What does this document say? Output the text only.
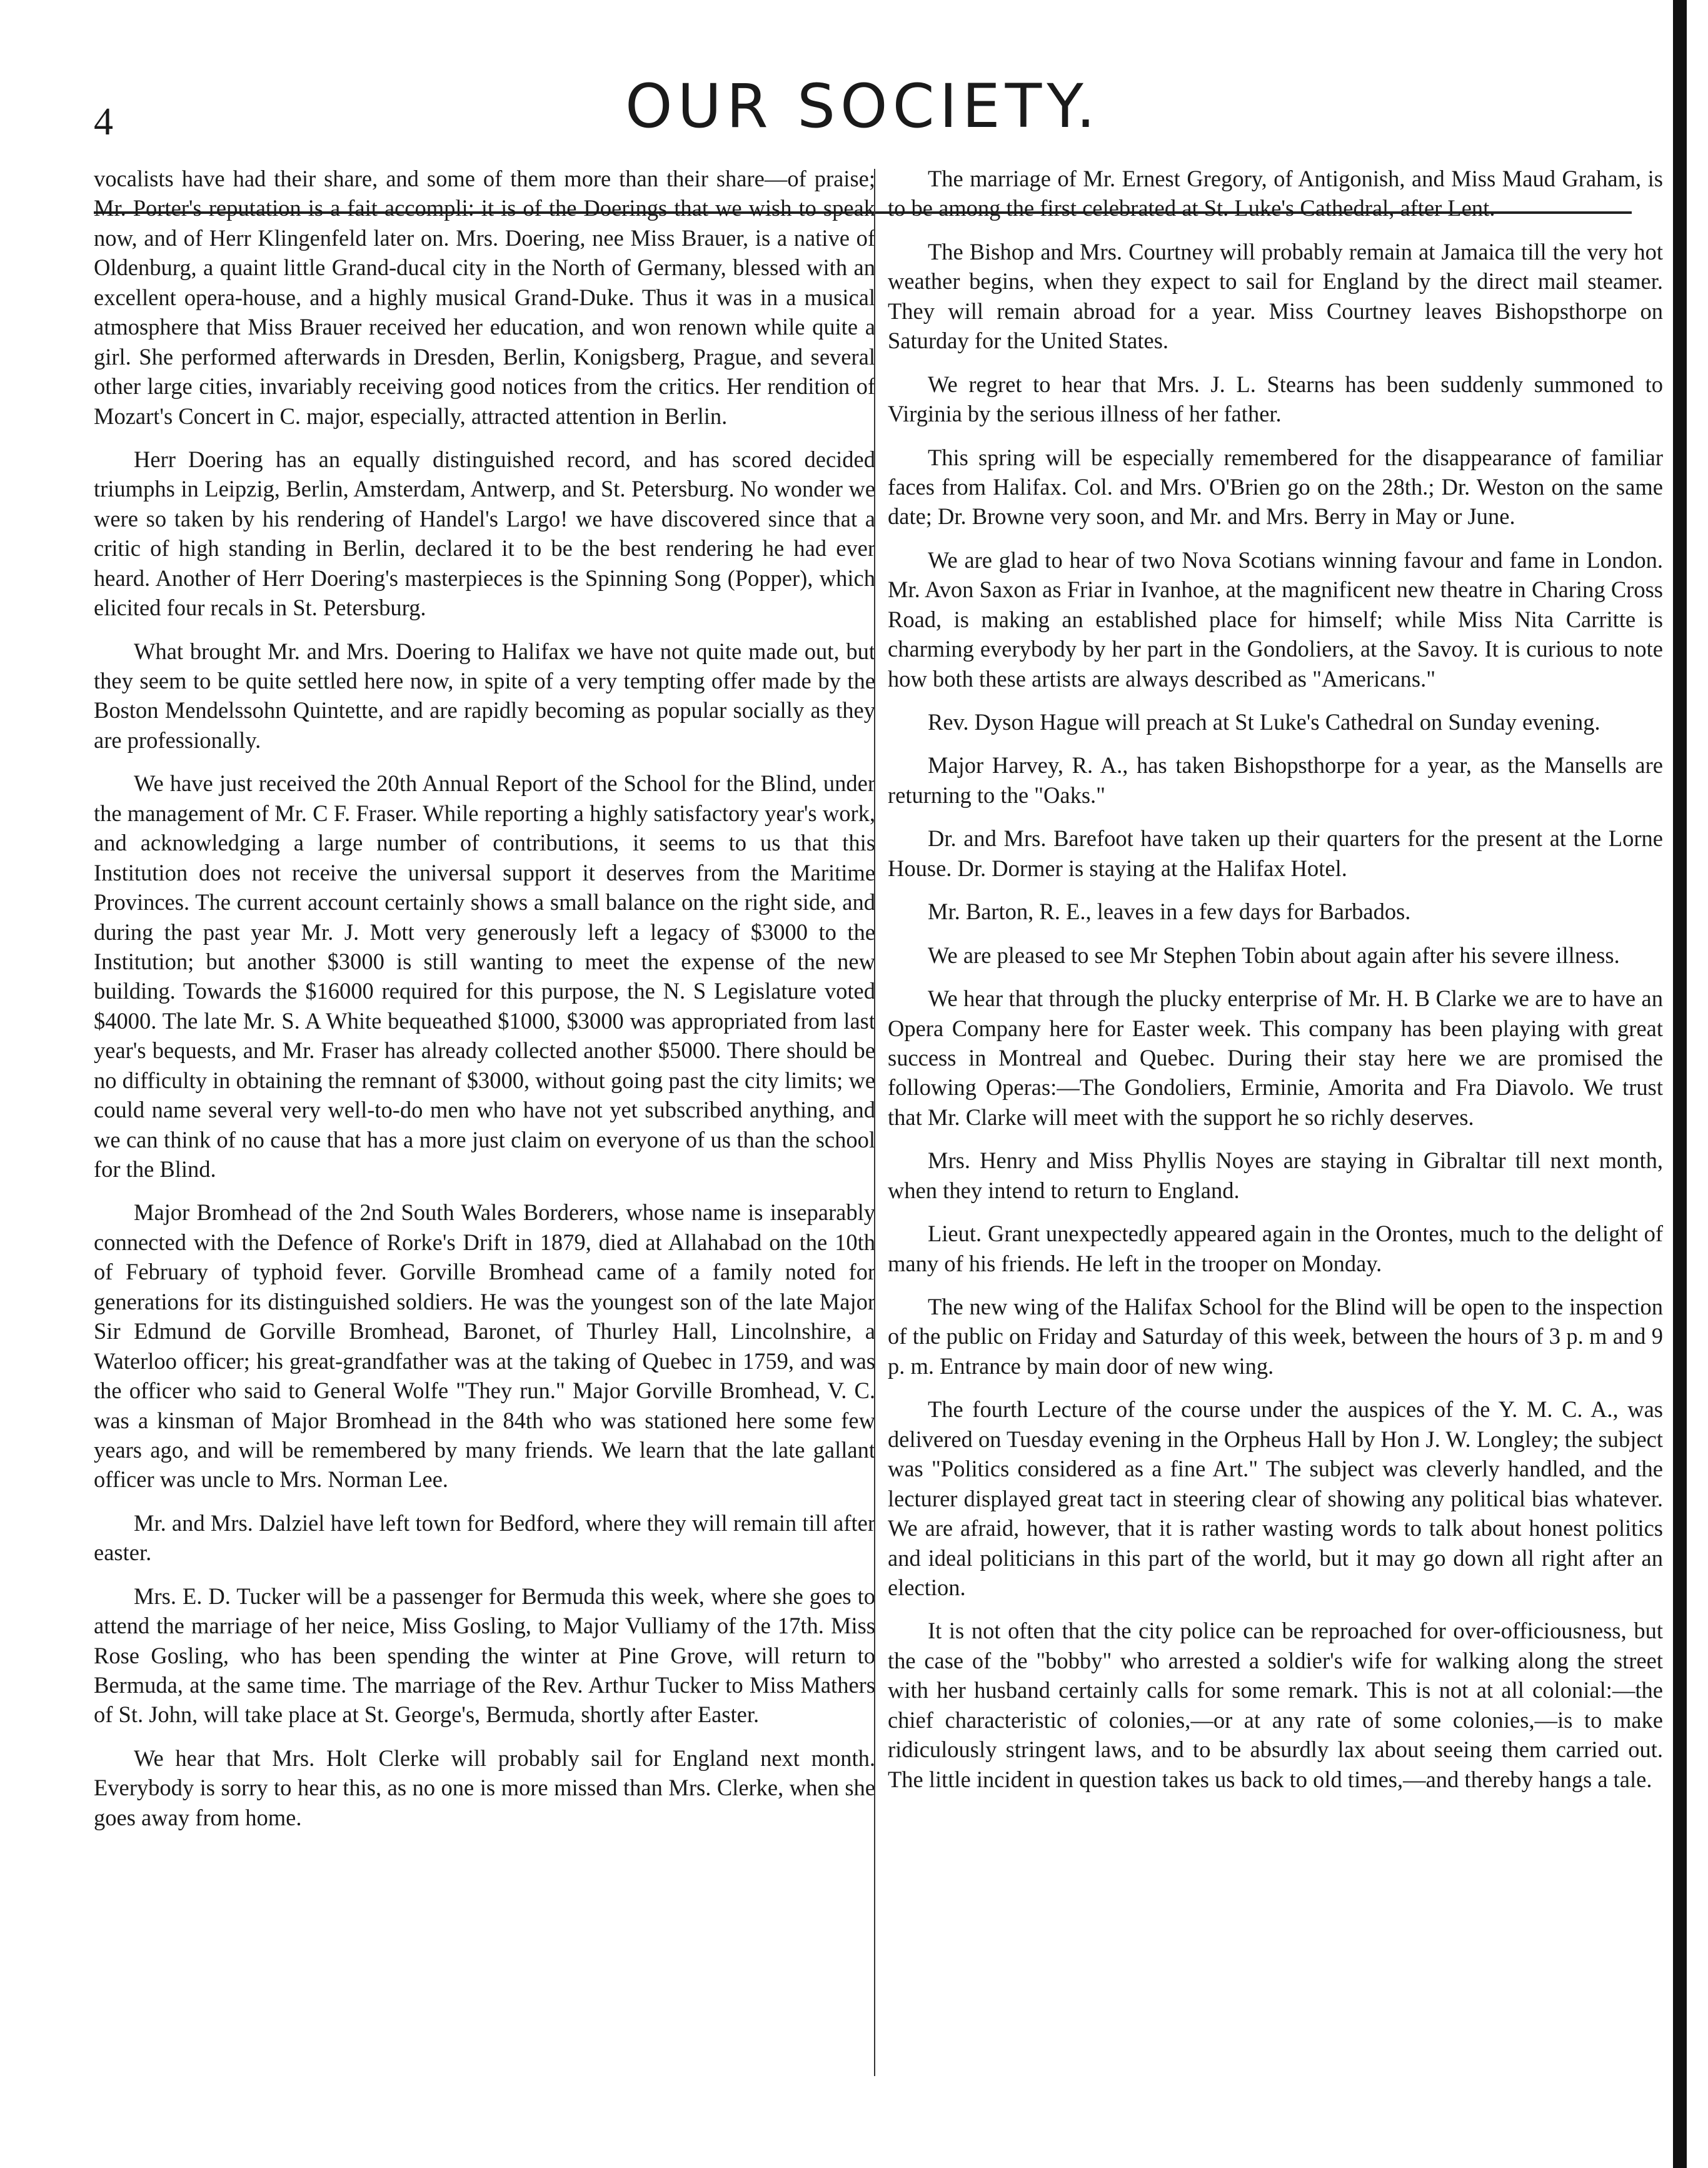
4	OUR SOCIETY.

vocalists have had their share, and some of them more than their share—of praise; Mr. Porter's reputation is a fait accompli: it is of the Doerings that we wish to speak now, and of Herr Klingenfeld later on. Mrs. Doering, nee Miss Brauer, is a native of Oldenburg, a quaint little Grand-ducal city in the North of Germany, blessed with an excellent opera-house, and a highly musical Grand-Duke. Thus it was in a musical atmosphere that Miss Brauer received her education, and won renown while quite a girl. She performed afterwards in Dresden, Berlin, Konigsberg, Prague, and several other large cities, invariably receiving good notices from the critics. Her rendition of Mozart's Concert in C. major, especially, attracted attention in Berlin.

Herr Doering has an equally distinguished record, and has scored decided triumphs in Leipzig, Berlin, Amsterdam, Antwerp, and St. Petersburg. No wonder we were so taken by his rendering of Handel's Largo! we have discovered since that a critic of high standing in Berlin, declared it to be the best rendering he had ever heard. Another of Herr Doering's masterpieces is the Spinning Song (Popper), which elicited four recals in St. Petersburg.

What brought Mr. and Mrs. Doering to Halifax we have not quite made out, but they seem to be quite settled here now, in spite of a very tempting offer made by the Boston Mendelssohn Quintette, and are rapidly becoming as popular socially as they are professionally.

We have just received the 20th Annual Report of the School for the Blind, under the management of Mr. C F. Fraser. While reporting a highly satisfactory year's work, and acknowledging a large number of contributions, it seems to us that this Institution does not receive the universal support it deserves from the Maritime Provinces. The current account certainly shows a small balance on the right side, and during the past year Mr. J. Mott very generously left a legacy of $3000 to the Institution; but another $3000 is still wanting to meet the expense of the new building. Towards the $16000 required for this purpose, the N. S Legislature voted $4000. The late Mr. S. A White bequeathed $1000, $3000 was appropriated from last year's bequests, and Mr. Fraser has already collected another $5000. There should be no difficulty in obtaining the remnant of $3000, without going past the city limits; we could name several very well-to-do men who have not yet subscribed anything, and we can think of no cause that has a more just claim on everyone of us than the school for the Blind.

Major Bromhead of the 2nd South Wales Borderers, whose name is inseparably connected with the Defence of Rorke's Drift in 1879, died at Allahabad on the 10th of February of typhoid fever. Gorville Bromhead came of a family noted for generations for its distinguished soldiers. He was the youngest son of the late Major Sir Edmund de Gorville Bromhead, Baronet, of Thurley Hall, Lincolnshire, a Waterloo officer; his great-grandfather was at the taking of Quebec in 1759, and was the officer who said to General Wolfe "They run." Major Gorville Bromhead, V. C. was a kinsman of Major Bromhead in the 84th who was stationed here some few years ago, and will be remembered by many friends. We learn that the late gallant officer was uncle to Mrs. Norman Lee.

Mr. and Mrs. Dalziel have left town for Bedford, where they will remain till after easter.

Mrs. E. D. Tucker will be a passenger for Bermuda this week, where she goes to attend the marriage of her neice, Miss Gosling, to Major Vulliamy of the 17th. Miss Rose Gosling, who has been spending the winter at Pine Grove, will return to Bermuda, at the same time. The marriage of the Rev. Arthur Tucker to Miss Mathers of St. John, will take place at St. George's, Bermuda, shortly after Easter.

We hear that Mrs. Holt Clerke will probably sail for England next month. Everybody is sorry to hear this, as no one is more missed than Mrs. Clerke, when she goes away from home.

The marriage of Mr. Ernest Gregory, of Antigonish, and Miss Maud Graham, is to be among the first celebrated at St. Luke's Cathedral, after Lent.

The Bishop and Mrs. Courtney will probably remain at Jamaica till the very hot weather begins, when they expect to sail for England by the direct mail steamer. They will remain abroad for a year. Miss Courtney leaves Bishopsthorpe on Saturday for the United States.

We regret to hear that Mrs. J. L. Stearns has been suddenly summoned to Virginia by the serious illness of her father.

This spring will be especially remembered for the disappearance of familiar faces from Halifax. Col. and Mrs. O'Brien go on the 28th.; Dr. Weston on the same date; Dr. Browne very soon, and Mr. and Mrs. Berry in May or June.

We are glad to hear of two Nova Scotians winning favour and fame in London. Mr. Avon Saxon as Friar in Ivanhoe, at the magnificent new theatre in Charing Cross Road, is making an established place for himself; while Miss Nita Carritte is charming everybody by her part in the Gondoliers, at the Savoy. It is curious to note how both these artists are always described as "Americans."

Rev. Dyson Hague will preach at St Luke's Cathedral on Sunday evening.

Major Harvey, R. A., has taken Bishopsthorpe for a year, as the Mansells are returning to the "Oaks."

Dr. and Mrs. Barefoot have taken up their quarters for the present at the Lorne House. Dr. Dormer is staying at the Halifax Hotel.

Mr. Barton, R. E., leaves in a few days for Barbados.

We are pleased to see Mr Stephen Tobin about again after his severe illness.

We hear that through the plucky enterprise of Mr. H. B Clarke we are to have an Opera Company here for Easter week. This company has been playing with great success in Montreal and Quebec. During their stay here we are promised the following Operas:—The Gondoliers, Erminie, Amorita and Fra Diavolo. We trust that Mr. Clarke will meet with the support he so richly deserves.

Mrs. Henry and Miss Phyllis Noyes are staying in Gibraltar till next month, when they intend to return to England.

Lieut. Grant unexpectedly appeared again in the Orontes, much to the delight of many of his friends. He left in the trooper on Monday.

The new wing of the Halifax School for the Blind will be open to the inspection of the public on Friday and Saturday of this week, between the hours of 3 p. m and 9 p. m. Entrance by main door of new wing.

The fourth Lecture of the course under the auspices of the Y. M. C. A., was delivered on Tuesday evening in the Orpheus Hall by Hon J. W. Longley; the subject was "Politics considered as a fine Art." The subject was cleverly handled, and the lecturer displayed great tact in steering clear of showing any political bias whatever. We are afraid, however, that it is rather wasting words to talk about honest politics and ideal politicians in this part of the world, but it may go down all right after an election.

It is not often that the city police can be reproached for over-officiousness, but the case of the "bobby" who arrested a soldier's wife for walking along the street with her husband certainly calls for some remark. This is not at all colonial:—the chief characteristic of colonies,—or at any rate of some colonies,—is to make ridiculously stringent laws, and to be absurdly lax about seeing them carried out. The little incident in question takes us back to old times,—and thereby hangs a tale.
